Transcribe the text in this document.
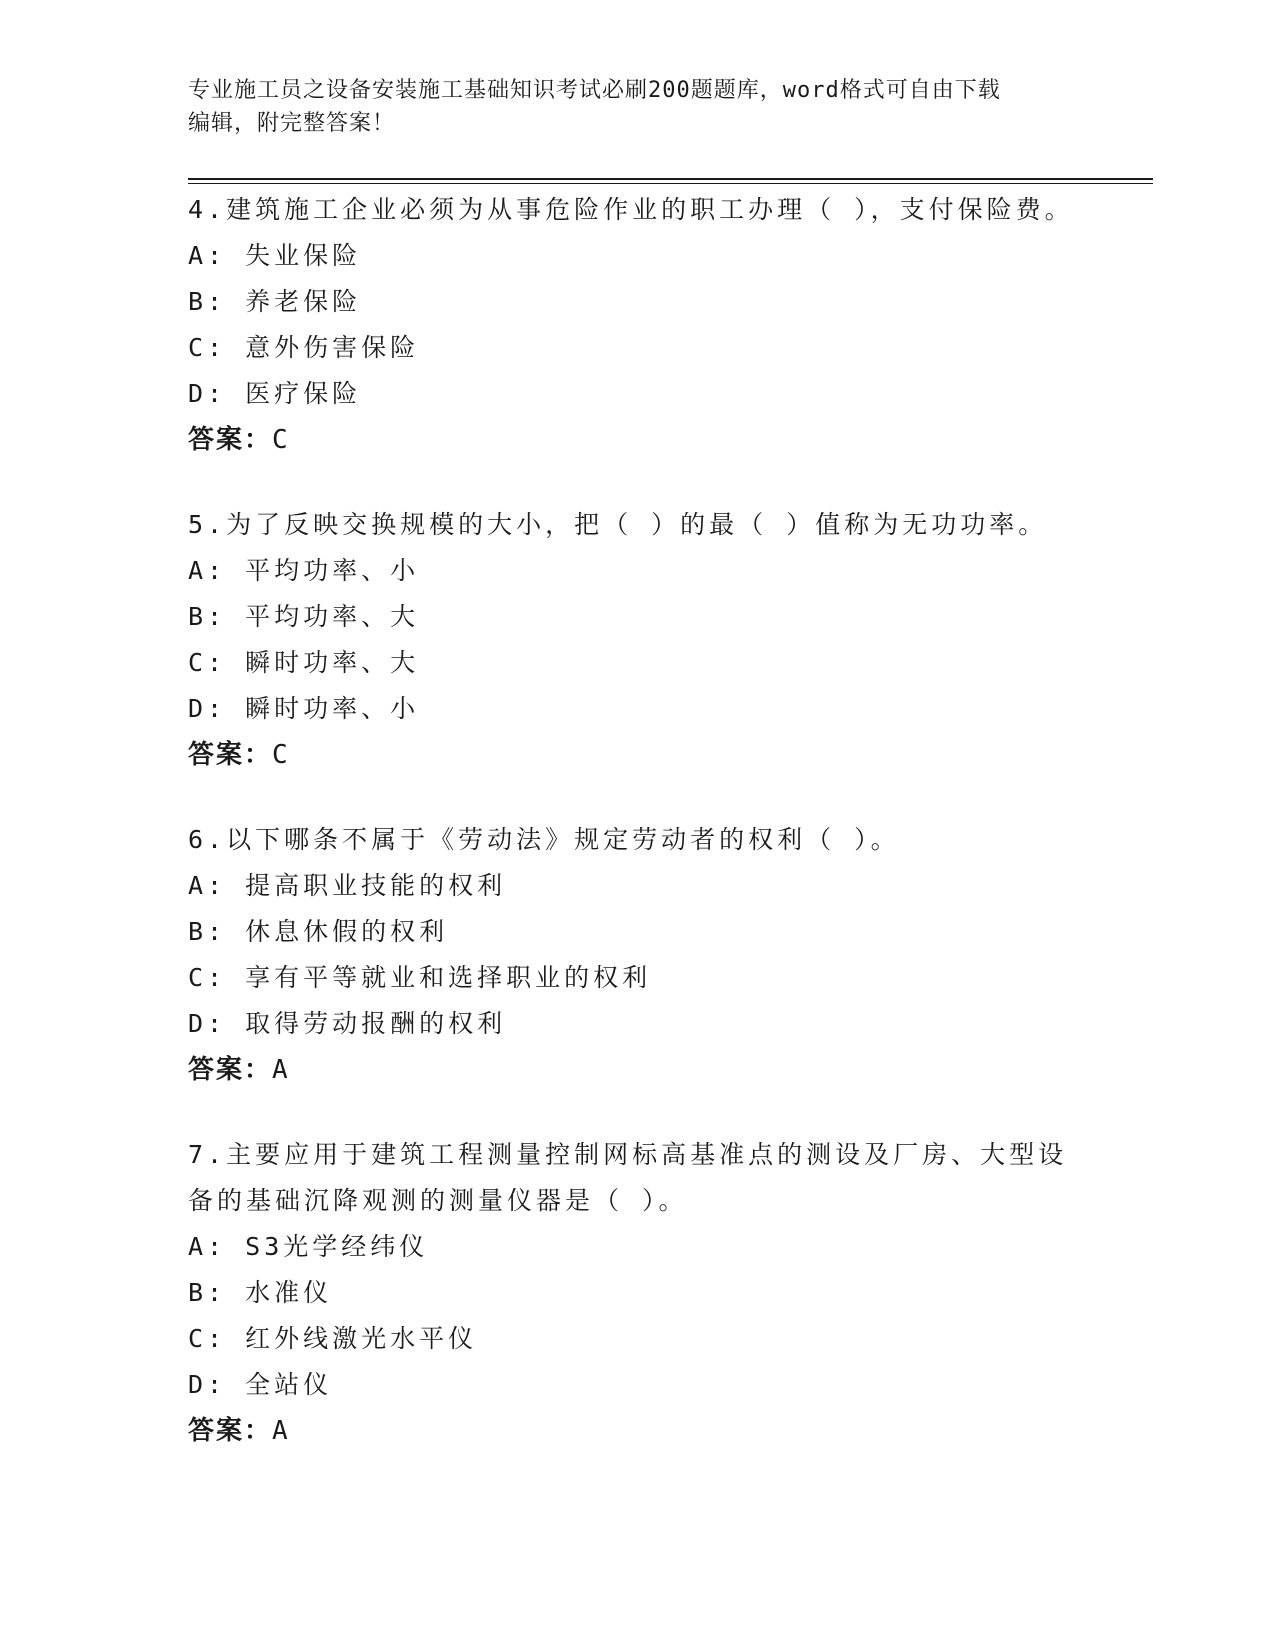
专业施工员之设备安装施工基础知识考试必刷200题题库，word格式可自由下载
编辑，附完整答案！
4.建筑施工企业必须为从事危险作业的职工办理（ ），支付保险费。
A: 失业保险
B: 养老保险
C: 意外伤害保险
D: 医疗保险
答案：C
5.为了反映交换规模的大小，把（ ）的最（ ）值称为无功功率。
A: 平均功率、小
B: 平均功率、大
C: 瞬时功率、大
D: 瞬时功率、小
答案：C
6.以下哪条不属于《劳动法》规定劳动者的权利（ ）。
A: 提高职业技能的权利
B: 休息休假的权利
C: 享有平等就业和选择职业的权利
D: 取得劳动报酬的权利
答案：A
7.主要应用于建筑工程测量控制网标高基准点的测设及厂房、大型设
备的基础沉降观测的测量仪器是（ ）。
A: S3光学经纬仪
B: 水准仪
C: 红外线激光水平仪
D: 全站仪
答案：A
